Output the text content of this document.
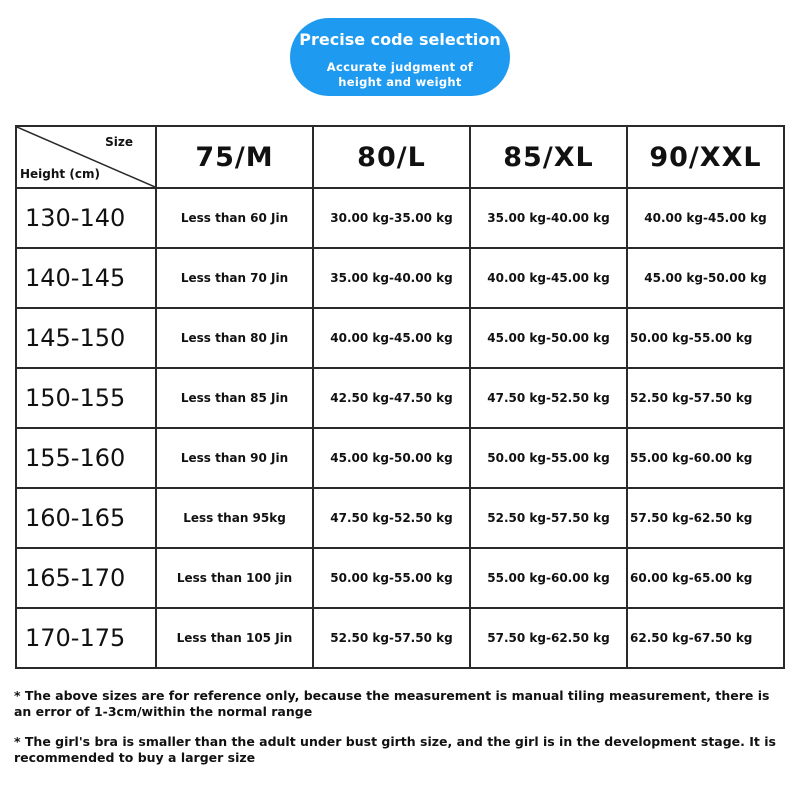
Precise code selection
Accurate judgment of
height and weight
Size
Height (cm)	75/M	80/L	85/XL	90/XXL
130-140	Less than 60 Jin	30.00 kg-35.00 kg	35.00 kg-40.00 kg	40.00 kg-45.00 kg
140-145	Less than 70 Jin	35.00 kg-40.00 kg	40.00 kg-45.00 kg	45.00 kg-50.00 kg
145-150	Less than 80 Jin	40.00 kg-45.00 kg	45.00 kg-50.00 kg	50.00 kg-55.00 kg
150-155	Less than 85 Jin	42.50 kg-47.50 kg	47.50 kg-52.50 kg	52.50 kg-57.50 kg
155-160	Less than 90 Jin	45.00 kg-50.00 kg	50.00 kg-55.00 kg	55.00 kg-60.00 kg
160-165	Less than 95kg	47.50 kg-52.50 kg	52.50 kg-57.50 kg	57.50 kg-62.50 kg
165-170	Less than 100 jin	50.00 kg-55.00 kg	55.00 kg-60.00 kg	60.00 kg-65.00 kg
170-175	Less than 105 Jin	52.50 kg-57.50 kg	57.50 kg-62.50 kg	62.50 kg-67.50 kg

* The above sizes are for reference only, because the measurement is manual tiling measurement, there is an error of 1-3cm/within the normal range

* The girl's bra is smaller than the adult under bust girth size, and the girl is in the development stage. It is recommended to buy a larger size
